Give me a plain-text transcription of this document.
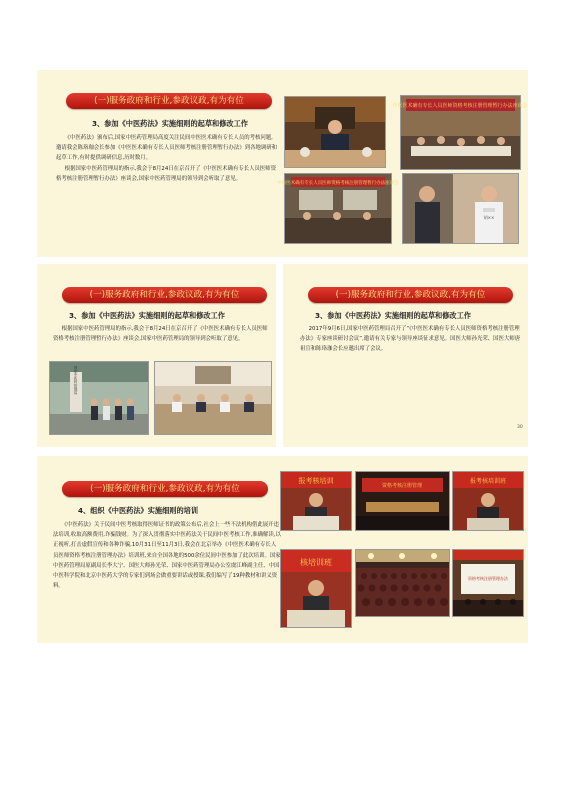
(一)服务政府和行业,参政议政,有为有位
3、参加《中医药法》实施细则的起草和修改工作

《中医药法》颁布后,国家中医药管理局高度关注民间中医医术确有专长人员的考核问题,邀请我会陈珞珈会长参加《中医医术确有专长人员医师考核注册管理暂行办法》到各地调研和起草工作,有时提供调研信息,历时数月。

根据国家中医药管理局的指示,我会于8月24日在京召开了《中医医术确有专长人员医师资格考核注册管理暂行办法》座谈会,国家中医药管理局的领导到会听取了意见。

中医医术确有专长人员医师资格考核注册管理暂行办法座谈会
中医医术确有专长人员医师资格考核注册管理暂行办法座谈会
胡××
(一)服务政府和行业,参政议政,有为有位
3、参加《中医药法》实施细则的起草和修改工作

根据国家中医药管理局的指示,我会于8月24日在京召开了《中医医术确有专长人员医师资格考核注册管理暂行办法》座谈会,国家中医药管理局的领导到会听取了意见。

国家中医药管理局
(一)服务政府和行业,参政议政,有为有位
3、参加《中医药法》实施细则的起草和修改工作

2017年9月6日,国家中医药管理局召开了“《中医医术确有专长人员医师资格考核注册管理办法》专家座谈研讨会议”,邀请有关专家与领导座谈征求意见。国医大师孙光荣、国医大师唐祖宣和陈珞珈会长应邀出席了会议。

30
(一)服务政府和行业,参政议政,有为有位
4、组织《中医药法》实施细则的培训

《中医药法》关于民间中医考核取得医师证书的政策公布后,社会上一些不法机构借此展开违法培训,收取高额费用,诈骗钱财。为了深入贯彻落实中医药法关于民间中医考核工作,准确解读,以正视听,打击虚假宣传和各种诈骗,10月31日至11月3日,我会在北京举办《中医医术确有专长人员医师资格考核注册管理办法》培训班,来自全国各地的500余位民间中医参加了此次培训。国家中医药管理局原副局长李大宁、国医大师孙光荣、国家中医药管理局办公室虞江峰副主任、中国中医科学院和北京中医药大学的专家们到场会做重要讲话或授课,我们编写了19种教材和讲义资料。

报考核培训
资格考核注册管理
报考核培训班
核培训班
资格考核注册管理办法
